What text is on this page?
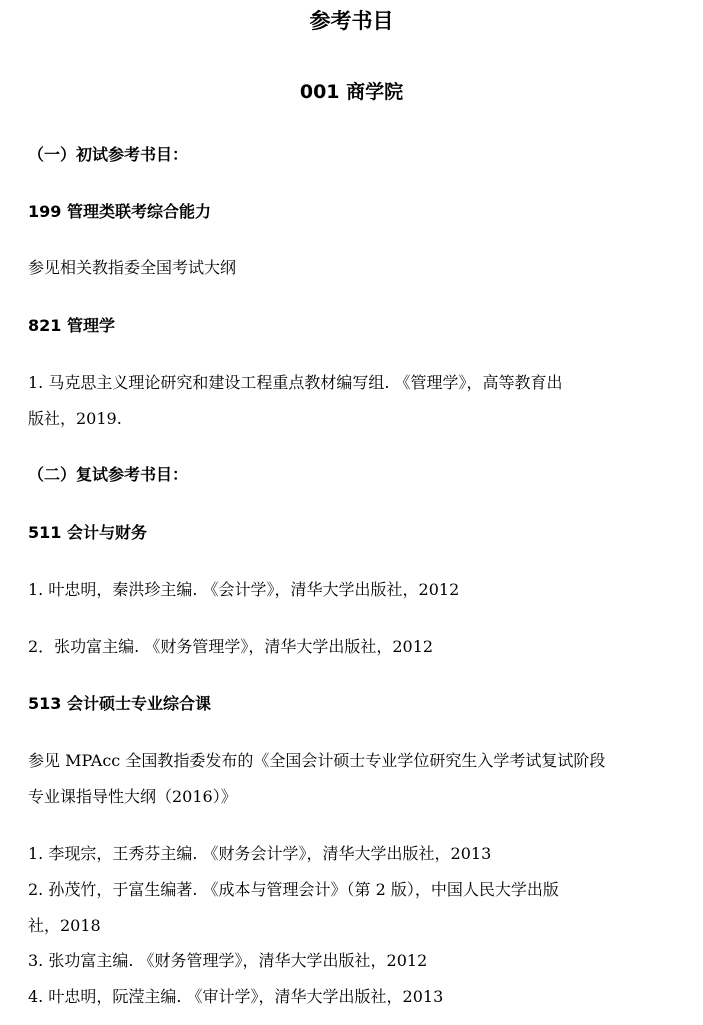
参考书目
001 商学院
（一）初试参考书目：
199 管理类联考综合能力
参见相关教指委全国考试大纲
821 管理学
1. 马克思主义理论研究和建设工程重点教材编写组. 《管理学》，高等教育出
版社，2019.
（二）复试参考书目：
511 会计与财务
1. 叶忠明，秦洪珍主编. 《会计学》，清华大学出版社，2012
2．张功富主编. 《财务管理学》，清华大学出版社，2012
513 会计硕士专业综合课
参见 MPAcc 全国教指委发布的《全国会计硕士专业学位研究生入学考试复试阶段
专业课指导性大纲（2016）》
1. 李现宗，王秀芬主编. 《财务会计学》，清华大学出版社，2013
2. 孙茂竹，于富生编著. 《成本与管理会计》（第 2 版），中国人民大学出版
社，2018
3. 张功富主编. 《财务管理学》，清华大学出版社，2012
4. 叶忠明，阮滢主编. 《审计学》，清华大学出版社，2013
